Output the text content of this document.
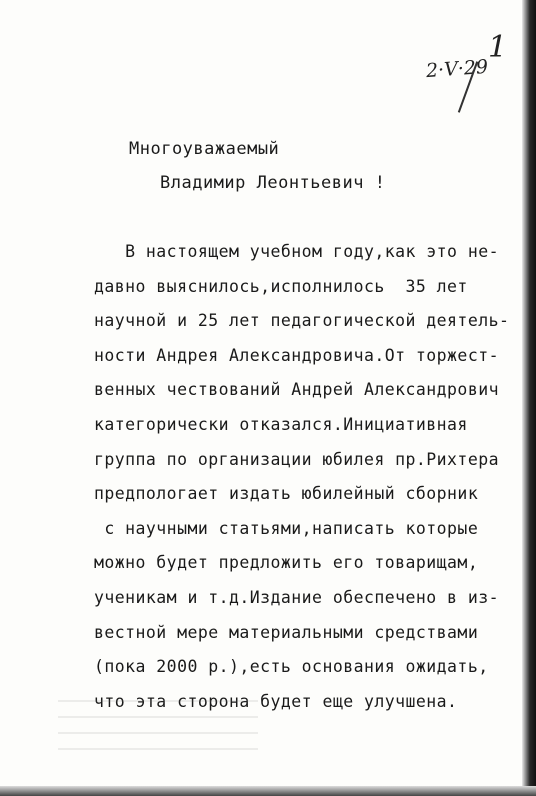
1
2·V·29
Многоуважаемый
Владимир Леонтьевич !
В настоящем учебном году,как это не-
давно выяснилось,исполнилось  35 лет
научной и 25 лет педагогической деятель-
ности Андрея Александровича.От торжест-
венных чествований Андрей Александрович
категорически отказался.Инициативная
группа по организации юбилея пр.Рихтера
предпологает издать юбилейный сборник
с научными статьями,написать которые
можно будет предложить его товарищам,
ученикам и т.д.Издание обеспечено в из-
вестной мере материальными средствами
(пока 2000 р.),есть основания ожидать,
что эта сторона будет еще улучшена.
